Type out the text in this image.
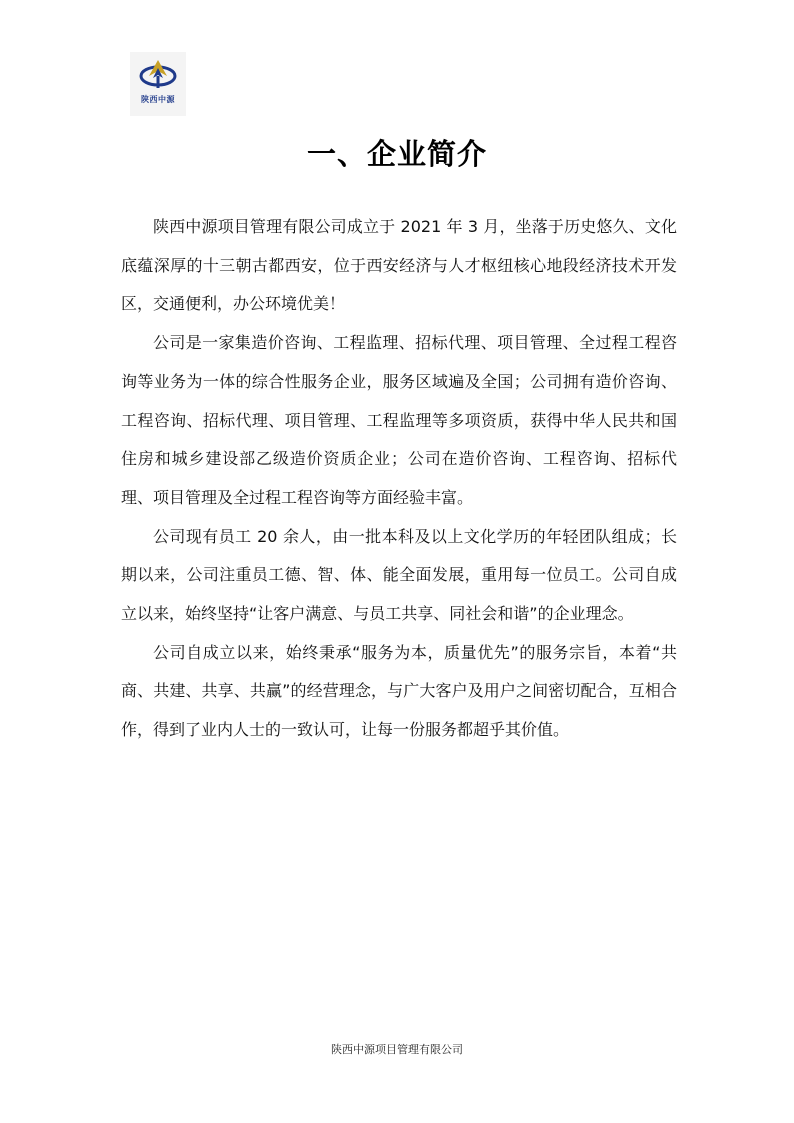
陕西中源
一、企业简介

陕西中源项目管理有限公司成立于 2021 年 3 月，坐落于历史悠久、文化底蕴深厚的十三朝古都西安，位于西安经济与人才枢纽核心地段经济技术开发区，交通便利，办公环境优美！

公司是一家集造价咨询、工程监理、招标代理、项目管理、全过程工程咨询等业务为一体的综合性服务企业，服务区域遍及全国；公司拥有造价咨询、工程咨询、招标代理、项目管理、工程监理等多项资质，获得中华人民共和国住房和城乡建设部乙级造价资质企业；公司在造价咨询、工程咨询、招标代理、项目管理及全过程工程咨询等方面经验丰富。

公司现有员工 20 余人，由一批本科及以上文化学历的年轻团队组成；长期以来，公司注重员工德、智、体、能全面发展，重用每一位员工。公司自成立以来，始终坚持“让客户满意、与员工共享、同社会和谐”的企业理念。

公司自成立以来，始终秉承“服务为本，质量优先”的服务宗旨，本着“共商、共建、共享、共赢”的经营理念，与广大客户及用户之间密切配合，互相合作，得到了业内人士的一致认可，让每一份服务都超乎其价值。

陕西中源项目管理有限公司
